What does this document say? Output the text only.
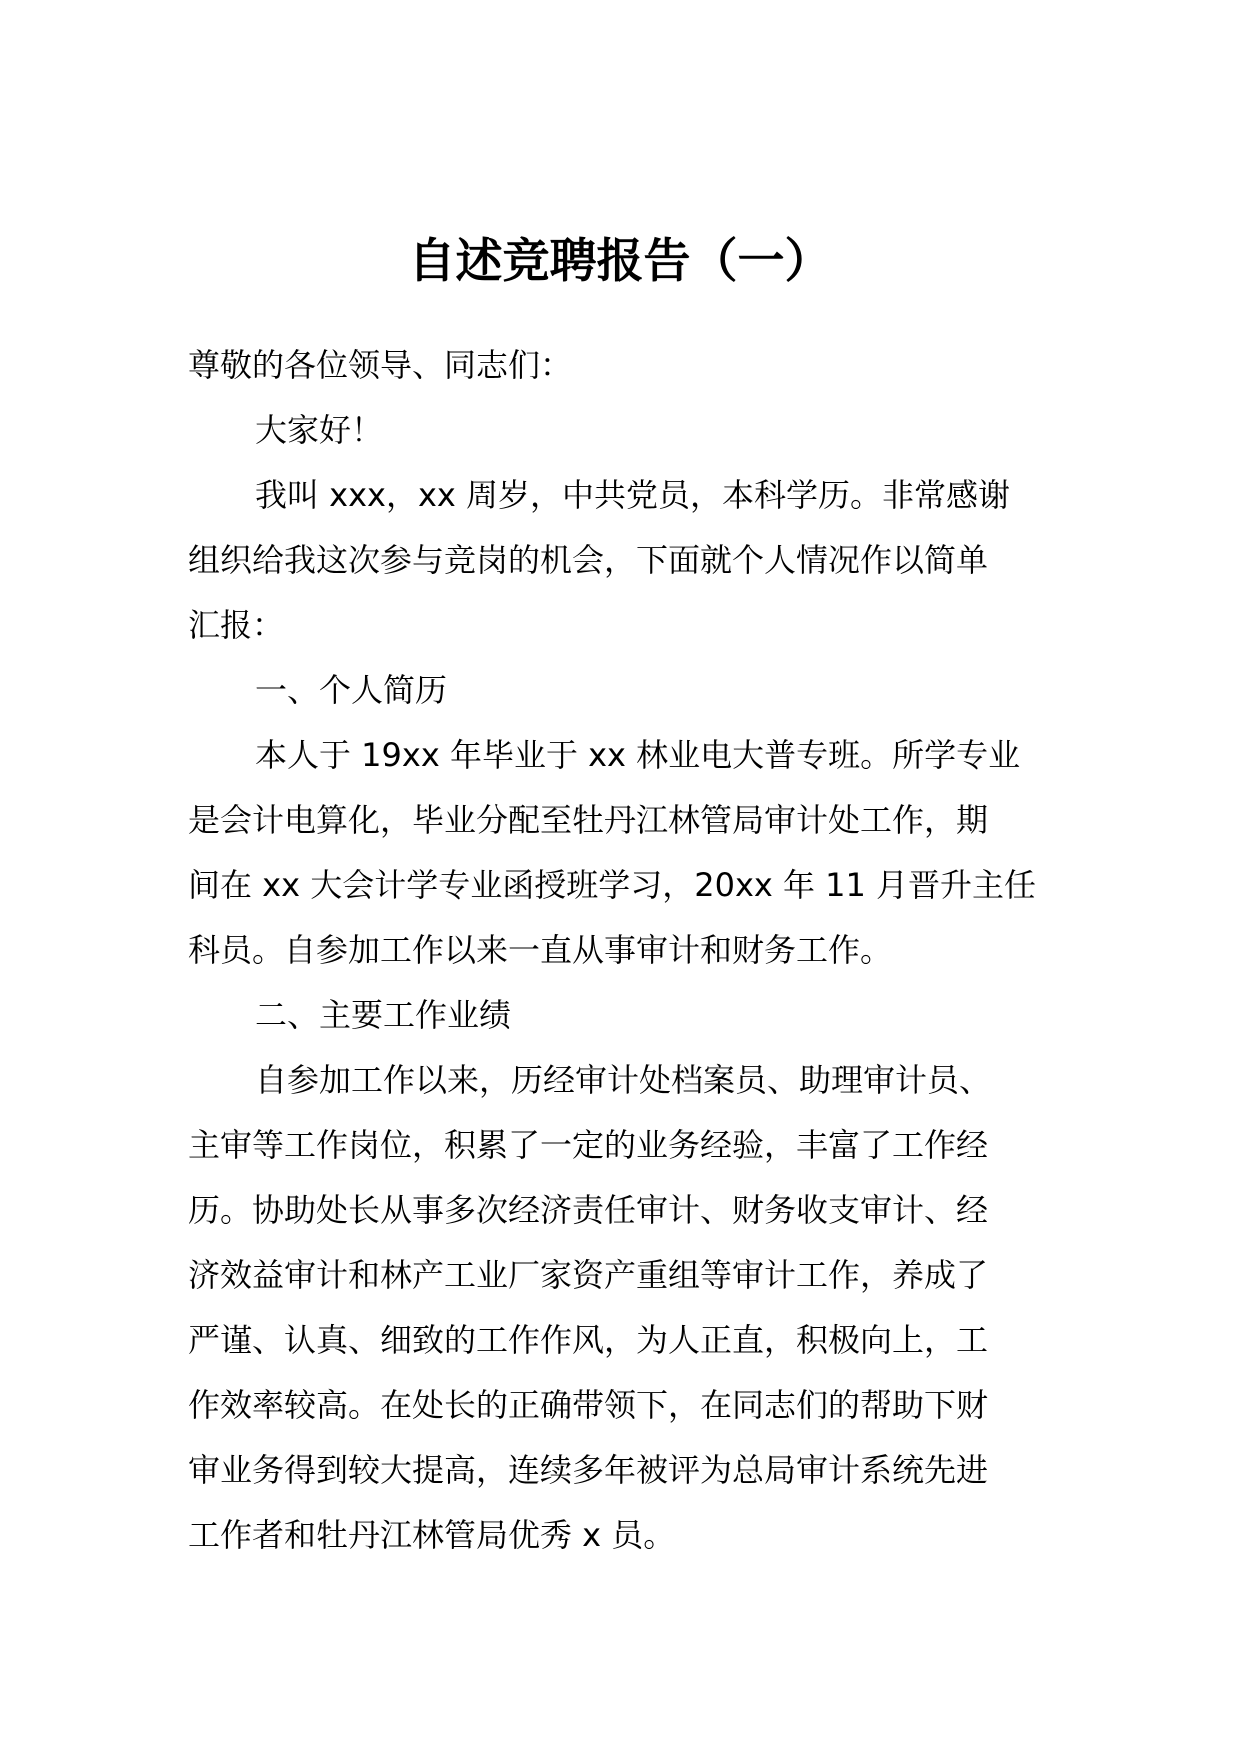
自述竞聘报告（一）
尊敬的各位领导、同志们：
大家好！
我叫 xxx，xx 周岁，中共党员，本科学历。非常感谢
组织给我这次参与竞岗的机会，下面就个人情况作以简单
汇报：
一、个人简历
本人于 19xx 年毕业于 xx 林业电大普专班。所学专业
是会计电算化，毕业分配至牡丹江林管局审计处工作，期
间在 xx 大会计学专业函授班学习，20xx 年 11 月晋升主任
科员。自参加工作以来一直从事审计和财务工作。
二、主要工作业绩
自参加工作以来，历经审计处档案员、助理审计员、
主审等工作岗位，积累了一定的业务经验，丰富了工作经
历。协助处长从事多次经济责任审计、财务收支审计、经
济效益审计和林产工业厂家资产重组等审计工作，养成了
严谨、认真、细致的工作作风，为人正直，积极向上，工
作效率较高。在处长的正确带领下，在同志们的帮助下财
审业务得到较大提高，连续多年被评为总局审计系统先进
工作者和牡丹江林管局优秀 x 员。
